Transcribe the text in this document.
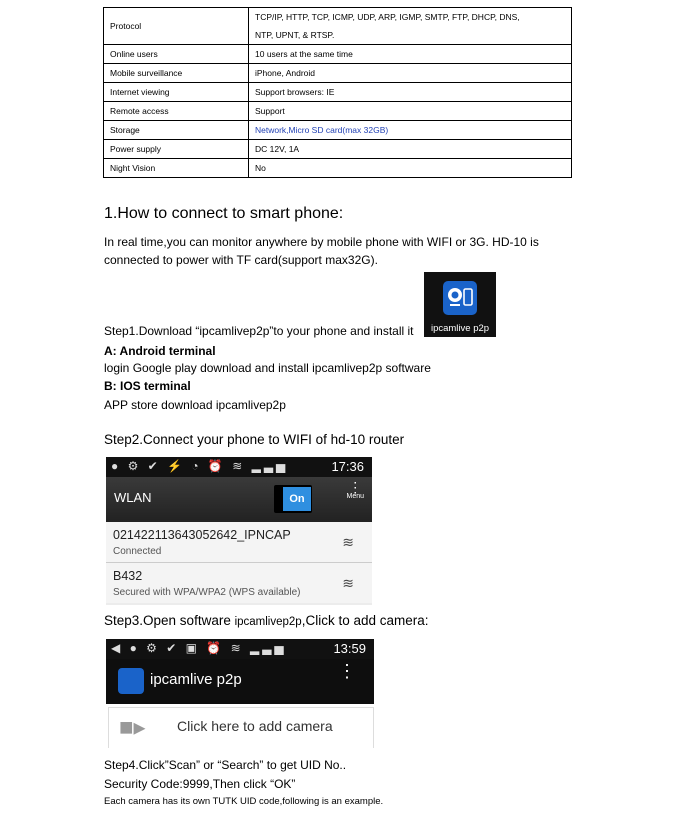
Protocol	TCP/IP, HTTP, TCP, ICMP, UDP, ARP, IGMP, SMTP, FTP, DHCP, DNS,
NTP, UPNT, & RTSP.

Online users	10 users at the same time
Mobile surveillance	iPhone, Android
Internet viewing	Support browsers: IE
Remote access	Support
Storage	Network,Micro SD card(max 32GB)
Power supply	DC 12V, 1A
Night Vision	No
1.How to connect to smart phone:
In real time,you can monitor anywhere by mobile phone with WIFI or 3G. HD-10 is
connected to power with TF card(support max32G).
Step1.Download “ipcamlivep2p”to your phone and install it	ipcamlive p2p
A: Android terminal
login Google play download and install ipcamlivep2p software
B: IOS terminal
APP store download ipcamlivep2p
Step2.Connect your phone to WIFI of hd-10 router
● ⚙ ✔ ⚡ ◔ ⏰ ≋ ▂▃▅	17:36
WLAN	On
⋮
Menu
021422113643052642_IPNCAP
Connected
≋
B432
Secured with WPA/WPA2 (WPS available)
≋
Step3.Open software ipcamlivep2p,Click to add camera:
◀ ● ⚙ ✔ ▣ ⏰ ≋ ▂▃▅	13:59
ipcamlive p2p	⋮
■▸ Click here to add camera
Step4.Click”Scan” or “Search” to get UID No..
Security Code:9999,Then click “OK”
Each camera has its own TUTK UID code,following is an example.
